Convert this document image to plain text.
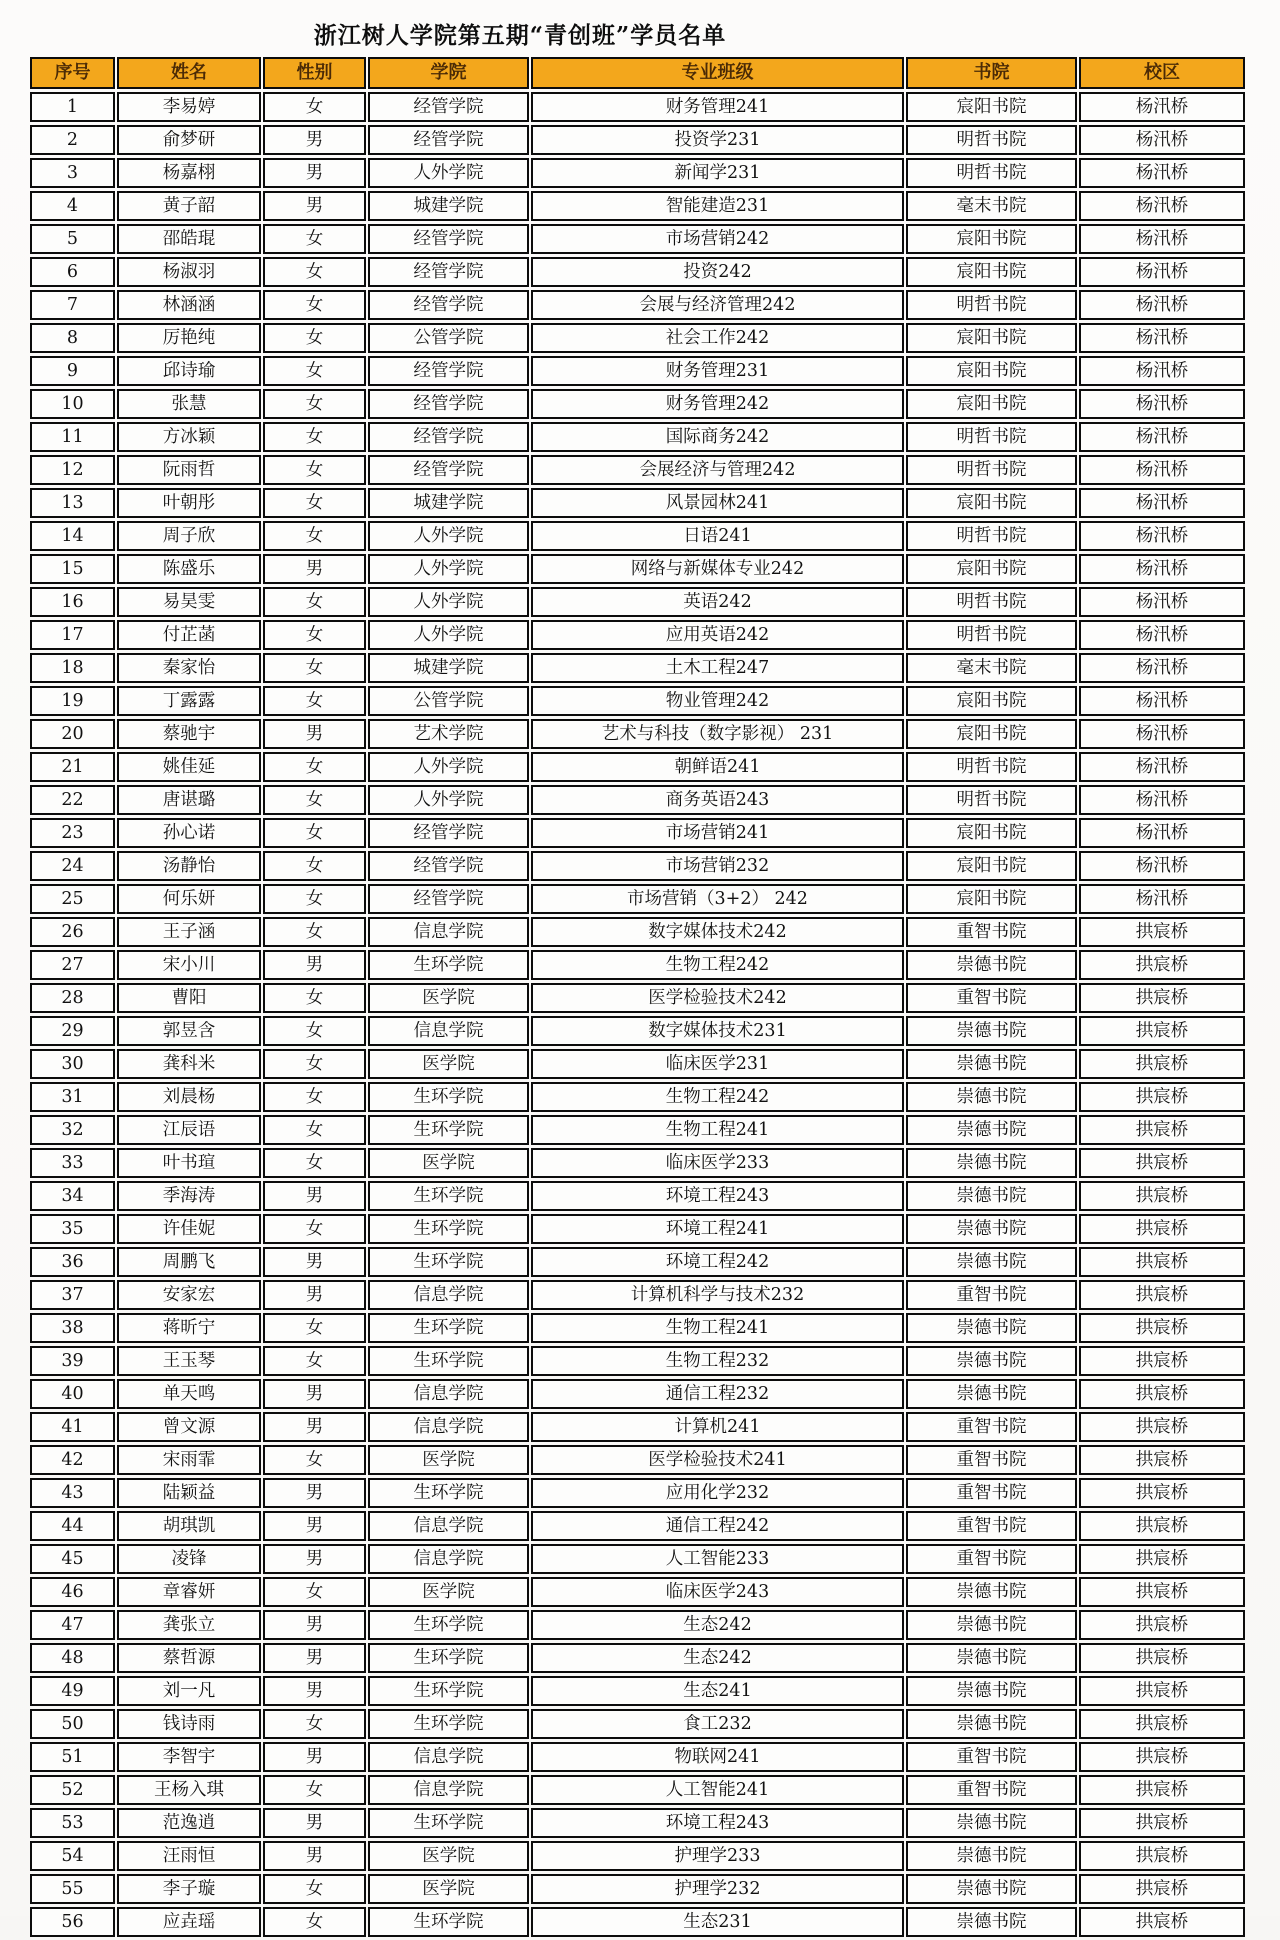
浙江树人学院第五期“青创班”学员名单
序号	姓名	性别	学院	专业班级	书院	校区
1	李易婷	女	经管学院	财务管理241	宸阳书院	杨汛桥
2	俞梦研	男	经管学院	投资学231	明哲书院	杨汛桥
3	杨嘉栩	男	人外学院	新闻学231	明哲书院	杨汛桥
4	黄子韶	男	城建学院	智能建造231	毫末书院	杨汛桥
5	邵皓琨	女	经管学院	市场营销242	宸阳书院	杨汛桥
6	杨淑羽	女	经管学院	投资242	宸阳书院	杨汛桥
7	林涵涵	女	经管学院	会展与经济管理242	明哲书院	杨汛桥
8	厉艳纯	女	公管学院	社会工作242	宸阳书院	杨汛桥
9	邱诗瑜	女	经管学院	财务管理231	宸阳书院	杨汛桥
10	张慧	女	经管学院	财务管理242	宸阳书院	杨汛桥
11	方冰颖	女	经管学院	国际商务242	明哲书院	杨汛桥
12	阮雨哲	女	经管学院	会展经济与管理242	明哲书院	杨汛桥
13	叶朝彤	女	城建学院	风景园林241	宸阳书院	杨汛桥
14	周子欣	女	人外学院	日语241	明哲书院	杨汛桥
15	陈盛乐	男	人外学院	网络与新媒体专业242	宸阳书院	杨汛桥
16	易昊雯	女	人外学院	英语242	明哲书院	杨汛桥
17	付芷菡	女	人外学院	应用英语242	明哲书院	杨汛桥
18	秦家怡	女	城建学院	土木工程247	毫末书院	杨汛桥
19	丁露露	女	公管学院	物业管理242	宸阳书院	杨汛桥
20	蔡驰宇	男	艺术学院	艺术与科技（数字影视） 231	宸阳书院	杨汛桥
21	姚佳延	女	人外学院	朝鲜语241	明哲书院	杨汛桥
22	唐谌璐	女	人外学院	商务英语243	明哲书院	杨汛桥
23	孙心诺	女	经管学院	市场营销241	宸阳书院	杨汛桥
24	汤静怡	女	经管学院	市场营销232	宸阳书院	杨汛桥
25	何乐妍	女	经管学院	市场营销（3+2） 242	宸阳书院	杨汛桥
26	王子涵	女	信息学院	数字媒体技术242	重智书院	拱宸桥
27	宋小川	男	生环学院	生物工程242	崇德书院	拱宸桥
28	曹阳	女	医学院	医学检验技术242	重智书院	拱宸桥
29	郭昱含	女	信息学院	数字媒体技术231	崇德书院	拱宸桥
30	龚科米	女	医学院	临床医学231	崇德书院	拱宸桥
31	刘晨杨	女	生环学院	生物工程242	崇德书院	拱宸桥
32	江辰语	女	生环学院	生物工程241	崇德书院	拱宸桥
33	叶书瑄	女	医学院	临床医学233	崇德书院	拱宸桥
34	季海涛	男	生环学院	环境工程243	崇德书院	拱宸桥
35	许佳妮	女	生环学院	环境工程241	崇德书院	拱宸桥
36	周鹏飞	男	生环学院	环境工程242	崇德书院	拱宸桥
37	安家宏	男	信息学院	计算机科学与技术232	重智书院	拱宸桥
38	蒋昕宁	女	生环学院	生物工程241	崇德书院	拱宸桥
39	王玉琴	女	生环学院	生物工程232	崇德书院	拱宸桥
40	单天鸣	男	信息学院	通信工程232	崇德书院	拱宸桥
41	曾文源	男	信息学院	计算机241	重智书院	拱宸桥
42	宋雨霏	女	医学院	医学检验技术241	重智书院	拱宸桥
43	陆颖益	男	生环学院	应用化学232	重智书院	拱宸桥
44	胡琪凯	男	信息学院	通信工程242	重智书院	拱宸桥
45	凌锋	男	信息学院	人工智能233	重智书院	拱宸桥
46	章睿妍	女	医学院	临床医学243	崇德书院	拱宸桥
47	龚张立	男	生环学院	生态242	崇德书院	拱宸桥
48	蔡哲源	男	生环学院	生态242	崇德书院	拱宸桥
49	刘一凡	男	生环学院	生态241	崇德书院	拱宸桥
50	钱诗雨	女	生环学院	食工232	崇德书院	拱宸桥
51	李智宇	男	信息学院	物联网241	重智书院	拱宸桥
52	王杨入琪	女	信息学院	人工智能241	重智书院	拱宸桥
53	范逸逍	男	生环学院	环境工程243	崇德书院	拱宸桥
54	汪雨恒	男	医学院	护理学233	崇德书院	拱宸桥
55	李子璇	女	医学院	护理学232	崇德书院	拱宸桥
56	应垚瑶	女	生环学院	生态231	崇德书院	拱宸桥
